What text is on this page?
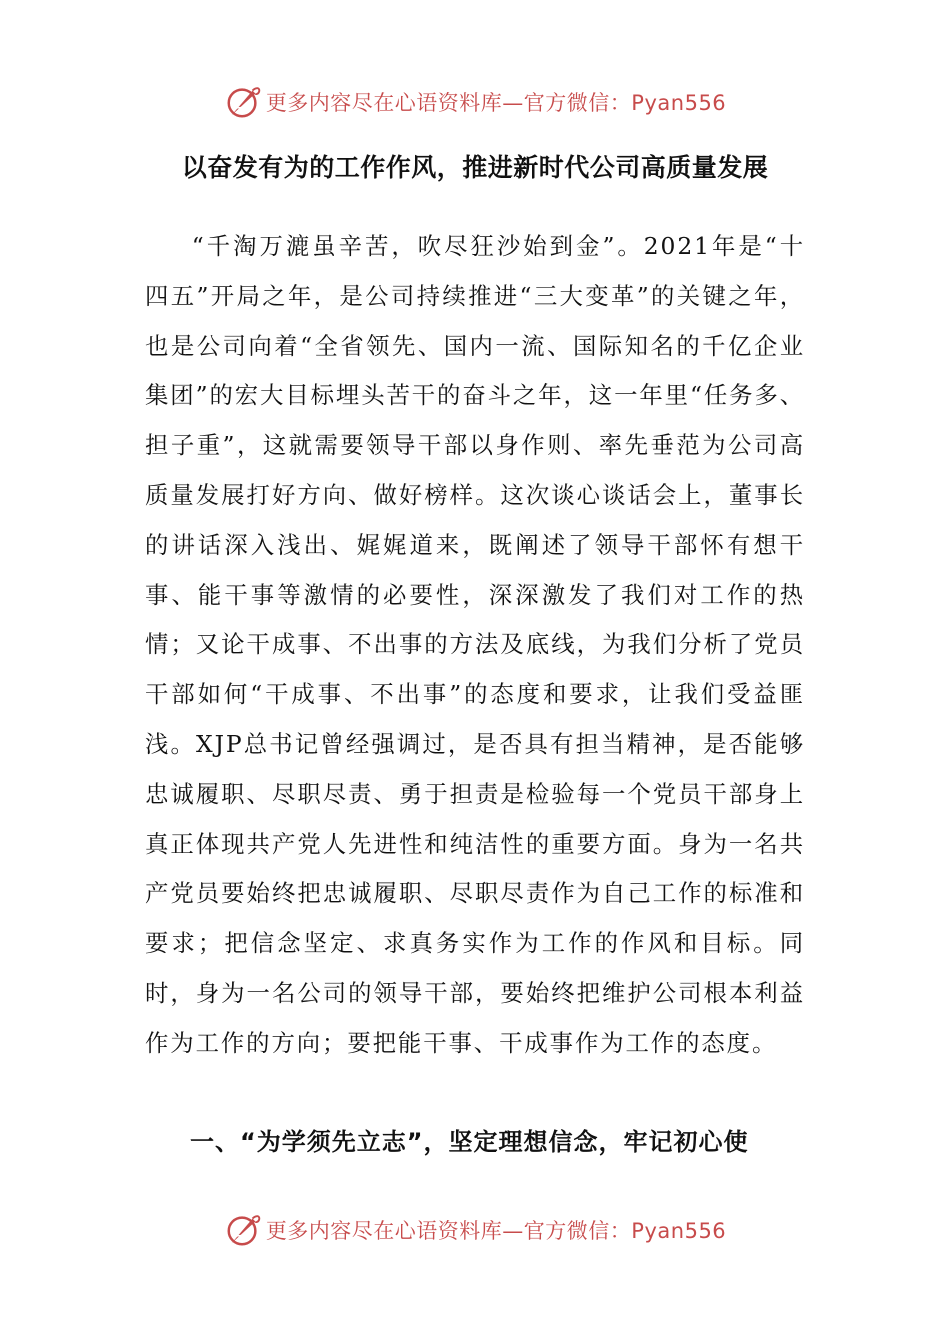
更多内容尽在心语资料库—官方微信：Pyan556
以奋发有为的工作作风，推进新时代公司高质量发展

“千淘万漉虽辛苦，吹尽狂沙始到金”。2021年是“十四五”开局之年，是公司持续推进“三大变革”的关键之年，也是公司向着“全省领先、国内一流、国际知名的千亿企业集团”的宏大目标埋头苦干的奋斗之年，这一年里“任务多、担子重”，这就需要领导干部以身作则、率先垂范为公司高质量发展打好方向、做好榜样。这次谈心谈话会上，董事长的讲话深入浅出、娓娓道来，既阐述了领导干部怀有想干事、能干事等激情的必要性，深深激发了我们对工作的热情；又论干成事、不出事的方法及底线，为我们分析了党员干部如何“干成事、不出事”的态度和要求，让我们受益匪浅。XJP总书记曾经强调过，是否具有担当精神，是否能够忠诚履职、尽职尽责、勇于担责是检验每一个党员干部身上真正体现共产党人先进性和纯洁性的重要方面。身为一名共产党员要始终把忠诚履职、尽职尽责作为自己工作的标准和要求；把信念坚定、求真务实作为工作的作风和目标。同时，身为一名公司的领导干部，要始终把维护公司根本利益作为工作的方向；要把能干事、干成事作为工作的态度。

一、“为学须先立志”，坚定理想信念，牢记初心使
更多内容尽在心语资料库—官方微信：Pyan556
